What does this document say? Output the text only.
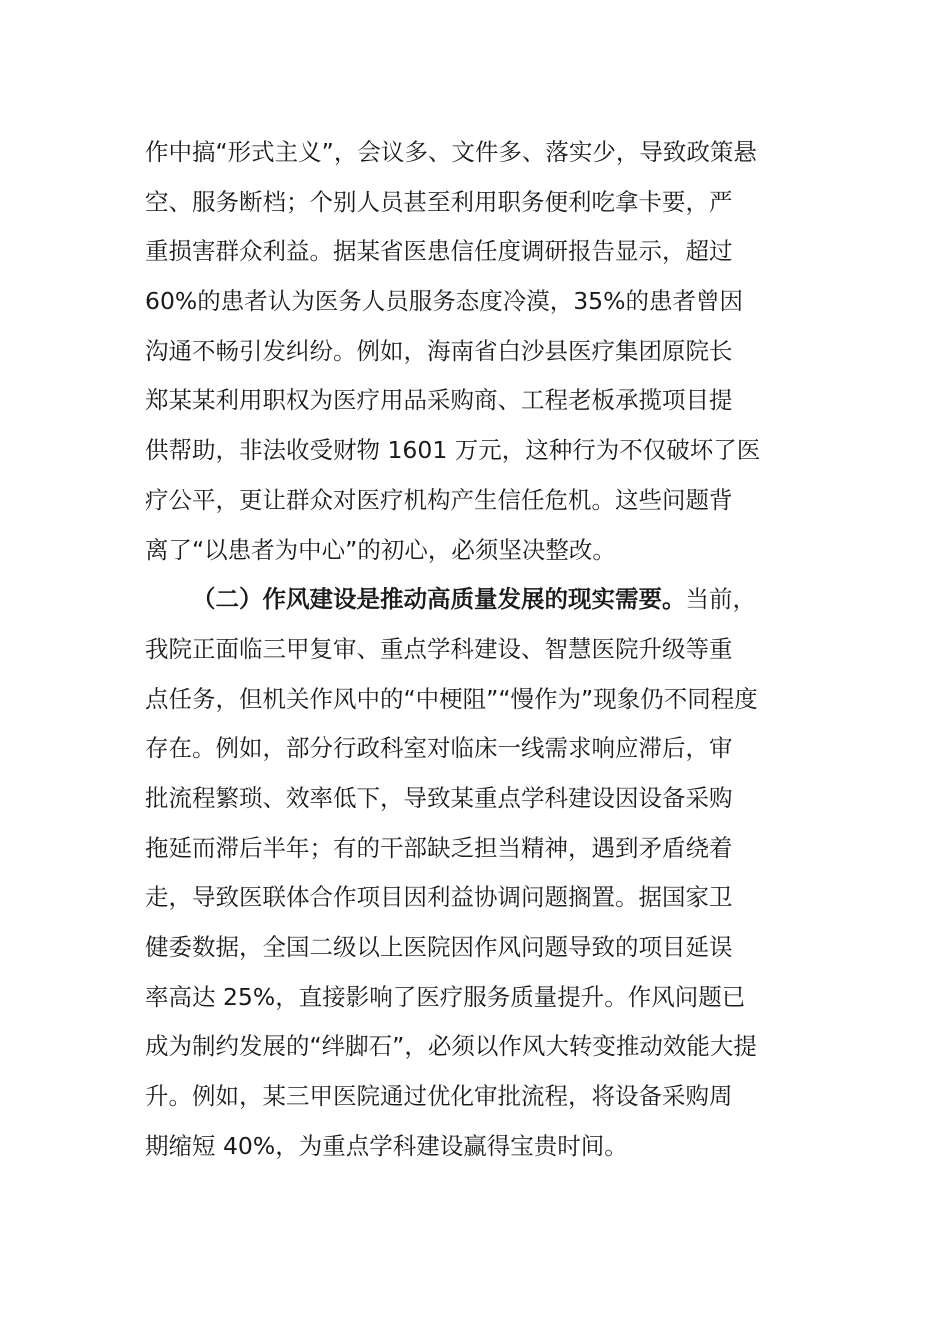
作中搞“形式主义”，会议多、文件多、落实少，导致政策悬
空、服务断档；个别人员甚至利用职务便利吃拿卡要，严
重损害群众利益。据某省医患信任度调研报告显示，超过
60%的患者认为医务人员服务态度冷漠，35%的患者曾因
沟通不畅引发纠纷。例如，海南省白沙县医疗集团原院长
郑某某利用职权为医疗用品采购商、工程老板承揽项目提
供帮助，非法收受财物 1601 万元，这种行为不仅破坏了医
疗公平，更让群众对医疗机构产生信任危机。这些问题背
离了“以患者为中心”的初心，必须坚决整改。
（二）作风建设是推动高质量发展的现实需要。当前，
我院正面临三甲复审、重点学科建设、智慧医院升级等重
点任务，但机关作风中的“中梗阻”“慢作为”现象仍不同程度
存在。例如，部分行政科室对临床一线需求响应滞后，审
批流程繁琐、效率低下，导致某重点学科建设因设备采购
拖延而滞后半年；有的干部缺乏担当精神，遇到矛盾绕着
走，导致医联体合作项目因利益协调问题搁置。据国家卫
健委数据，全国二级以上医院因作风问题导致的项目延误
率高达 25%，直接影响了医疗服务质量提升。作风问题已
成为制约发展的“绊脚石”，必须以作风大转变推动效能大提
升。例如，某三甲医院通过优化审批流程，将设备采购周
期缩短 40%，为重点学科建设赢得宝贵时间。
